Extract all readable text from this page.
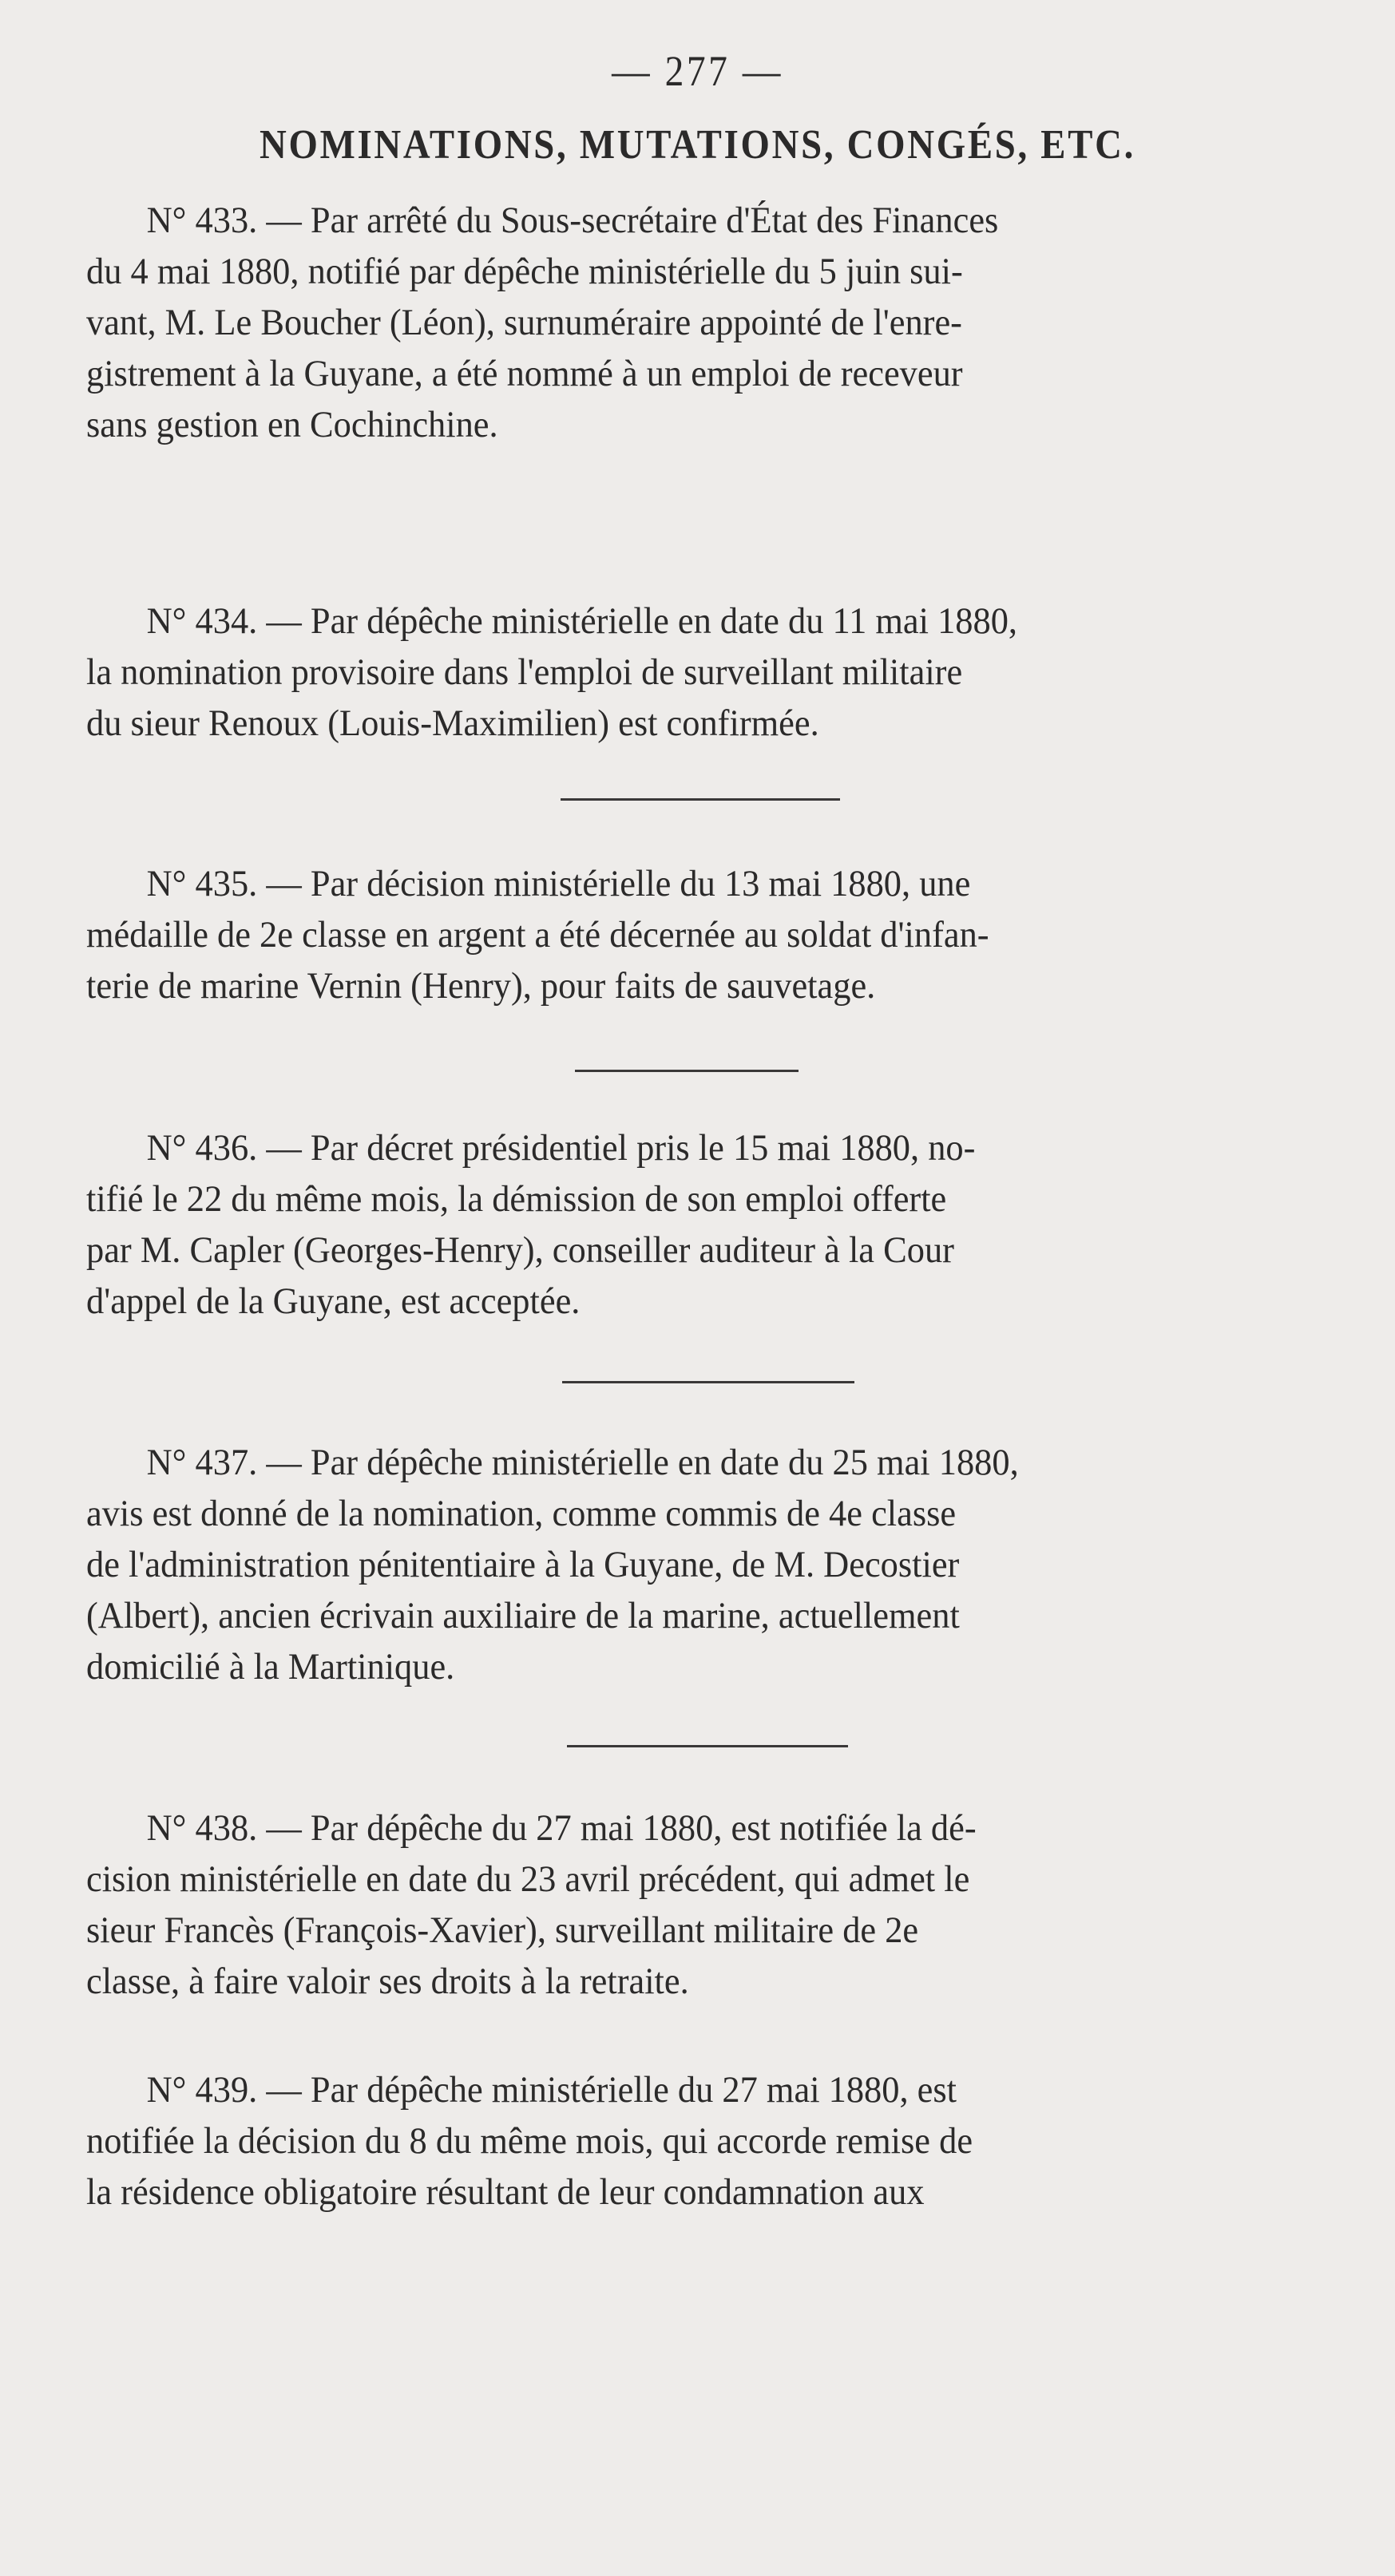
— 277 —
NOMINATIONS, MUTATIONS, CONGÉS, ETC.
N° 433. — Par arrêté du Sous-secrétaire d'État des Finances
du 4 mai 1880, notifié par dépêche ministérielle du 5 juin sui-
vant, M. Le Boucher (Léon), surnuméraire appointé de l'enre-
gistrement à la Guyane, a été nommé à un emploi de receveur
sans gestion en Cochinchine.
N° 434. — Par dépêche ministérielle en date du 11 mai 1880,
la nomination provisoire dans l'emploi de surveillant militaire
du sieur Renoux (Louis-Maximilien) est confirmée.
N° 435. — Par décision ministérielle du 13 mai 1880, une
médaille de 2e classe en argent a été décernée au soldat d'infan-
terie de marine Vernin (Henry), pour faits de sauvetage.
N° 436. — Par décret présidentiel pris le 15 mai 1880, no-
tifié le 22 du même mois, la démission de son emploi offerte
par M. Capler (Georges-Henry), conseiller auditeur à la Cour
d'appel de la Guyane, est acceptée.
N° 437. — Par dépêche ministérielle en date du 25 mai 1880,
avis est donné de la nomination, comme commis de 4e classe
de l'administration pénitentiaire à la Guyane, de M. Decostier
(Albert), ancien écrivain auxiliaire de la marine, actuellement
domicilié à la Martinique.
N° 438. — Par dépêche du 27 mai 1880, est notifiée la dé-
cision ministérielle en date du 23 avril précédent, qui admet le
sieur Francès (François-Xavier), surveillant militaire de 2e
classe, à faire valoir ses droits à la retraite.
N° 439. — Par dépêche ministérielle du 27 mai 1880, est
notifiée la décision du 8 du même mois, qui accorde remise de
la résidence obligatoire résultant de leur condamnation aux
